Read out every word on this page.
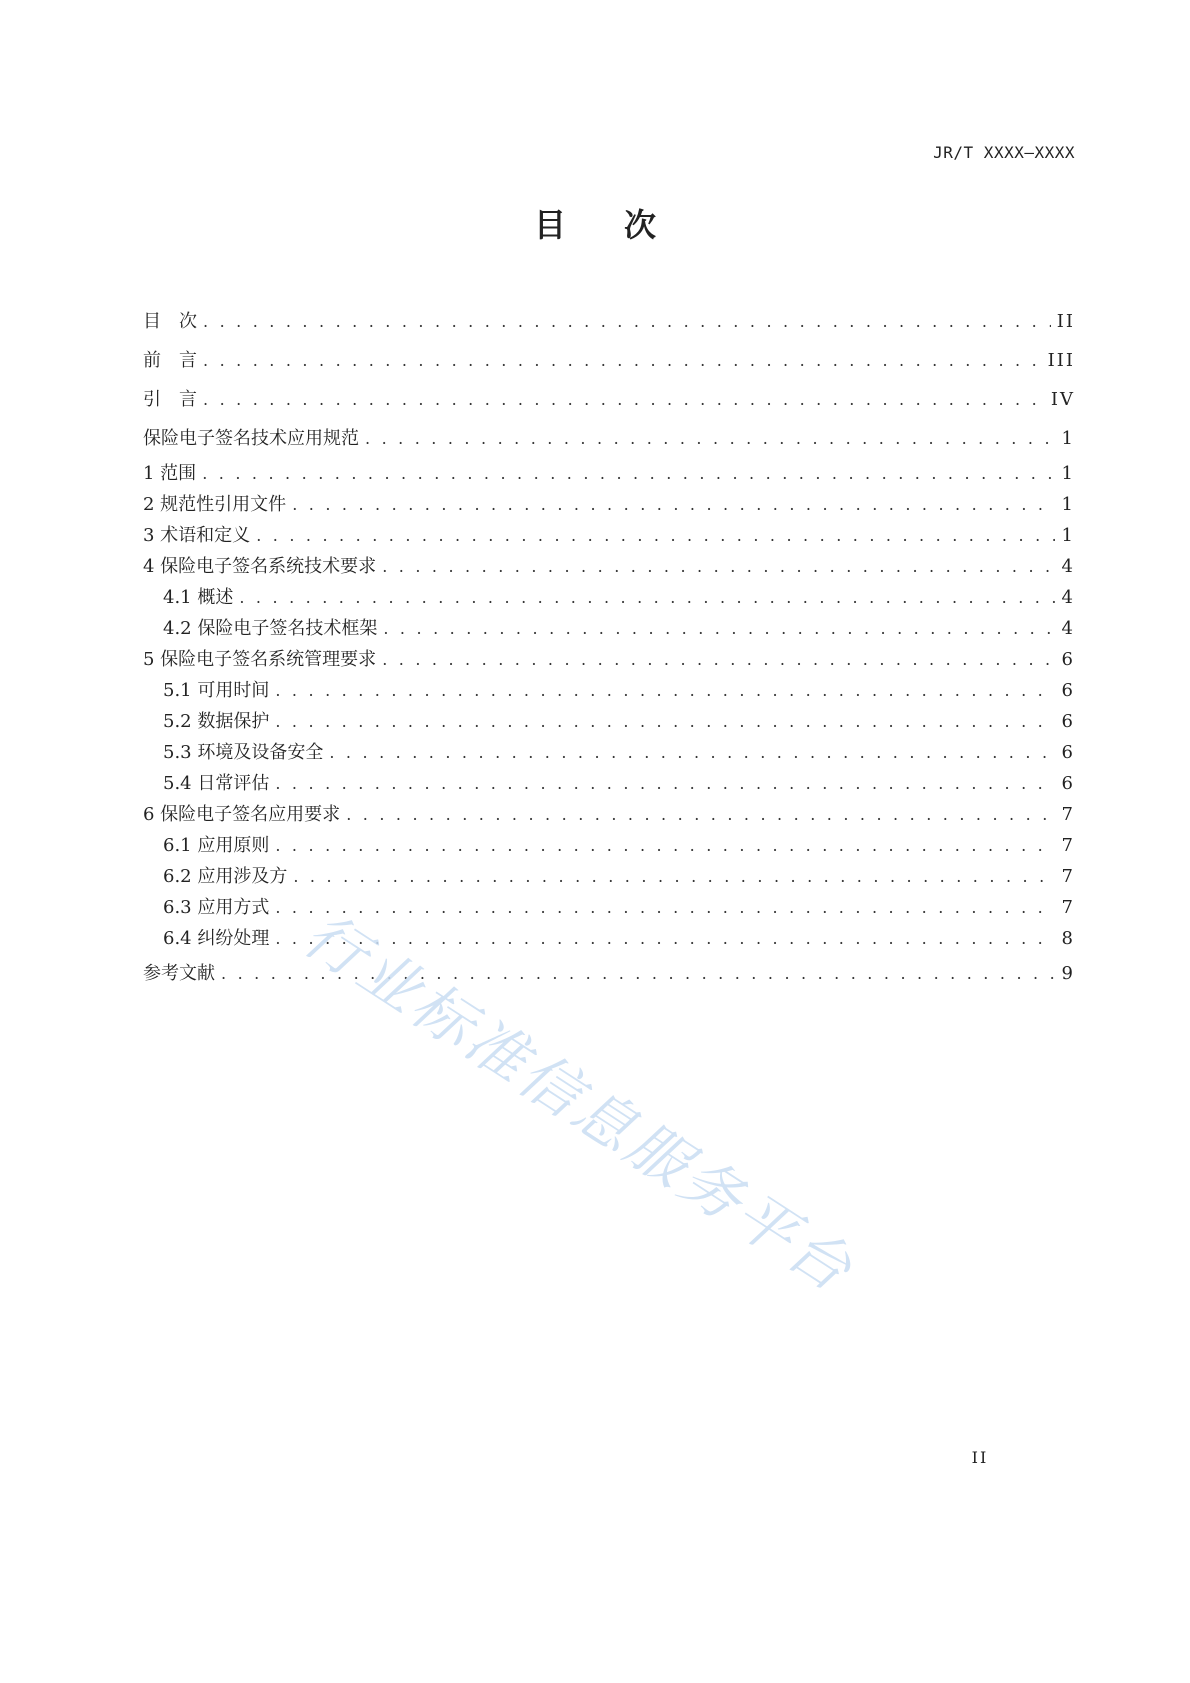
JR/T XXXX—XXXX
目 次
目　次 . . .	II
前　言 . . .	III
引　言 . . .	IV
保险电子签名技术应用规范 . . .	1
1 范围 . . .	1
2 规范性引用文件 . . .	1
3 术语和定义 . . .	1
4 保险电子签名系统技术要求 . . .	4
4.1 概述 . . .	4
4.2 保险电子签名技术框架 . . .	4
5 保险电子签名系统管理要求 . . .	6
5.1 可用时间 . . .	6
5.2 数据保护 . . .	6
5.3 环境及设备安全 . . .	6
5.4 日常评估 . . .	6
6 保险电子签名应用要求 . . .	7
6.1 应用原则 . . .	7
6.2 应用涉及方 . . .	7
6.3 应用方式 . . .	7
6.4 纠纷处理 . . .	8
参考文献 . . .	9
行业标准信息服务平台
II
